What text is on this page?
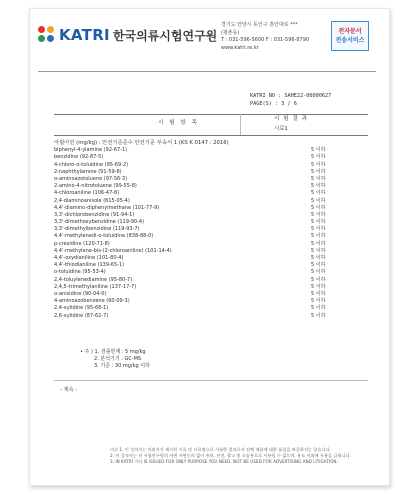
KATRI 한국의류시험연구원
경기도 안양시 동안구 흥안대로 ***
(평촌동)
T : 031-596-5600 F : 031-596-8790
www.katri.re.kr
전자문서
전송서비스
KATRI NO : SAHE22-00000627
PAGE(S) : 3 / 6
시 험 항 목
시 험 결 과
시료1
아릴아민 (mg/kg) : 안전기준준수 안전기준 부속서 1 (KS K 0147 : 2016)
biphenyl-4-ylamine (92-67-1)	5 이하
benzidine (92-87-5)	5 이하
4-chloro-o-toluidine (95-69-2)	5 이하
2-naphthylamine (91-59-8)	5 이하
o-aminoazotoluene (97-56-3)	5 이하
2-amino-4-nitrotoluene (99-55-8)	5 이하
4-chloroaniline (106-47-8)	5 이하
2,4-diaminoanisole (615-05-4)	5 이하
4,4'-diamino-diphenylmethane (101-77-9)	5 이하
3,3'-dichlorobenzidine (91-94-1)	5 이하
3,3'-dimethoxybenzidine (119-90-4)	5 이하
3,3'-dimethylbenzidine (119-93-7)	5 이하
4,4'-methylenedi-o-toluidine (838-88-0)	5 이하
p-cresidine (120-71-8)	5 이하
4,4'-methylene-bis-(2-chloroaniline) (101-14-4)	5 이하
4,4'-oxydianiline (101-80-4)	5 이하
4,4'-thiodianiline (139-65-1)	5 이하
o-toluidine (95-53-4)	5 이하
2,4-toluylenediamine (95-80-7)	5 이하
2,4,5-trimethylaniline (137-17-7)	5 이하
o-anisidine (90-04-0)	5 이하
4-aminoazobenzene (60-09-3)	5 이하
2,4-xylidine (95-68-1)	5 이하
2,6-xylidine (87-62-7)	5 이하
• 주 ) 1. 검출한계 : 5 mg/kg
2. 분석기기 : GC-MS
3. 기준 : 30 mg/kg 이하
- 계속 -
비고 1. 이 성적서는 의뢰자가 제시한 시료 및 시료명으로 시험한 결과로서 전체 제품에 대한 품질을 보증하지는 않습니다.
2. 이 성적서는 선 시험연구원의 서면 서면동의 없이 홍보, 선전, 광고 및 소송용으로 사용될 수 없으며, 용도 이외에 사용을 금합니다.
3. IN KATRI 기타 IS ISSUED FOR ONLY PURPOSE YOU NEED. NOT BE USED FOR ADVERTISING AND LITIGATION.
